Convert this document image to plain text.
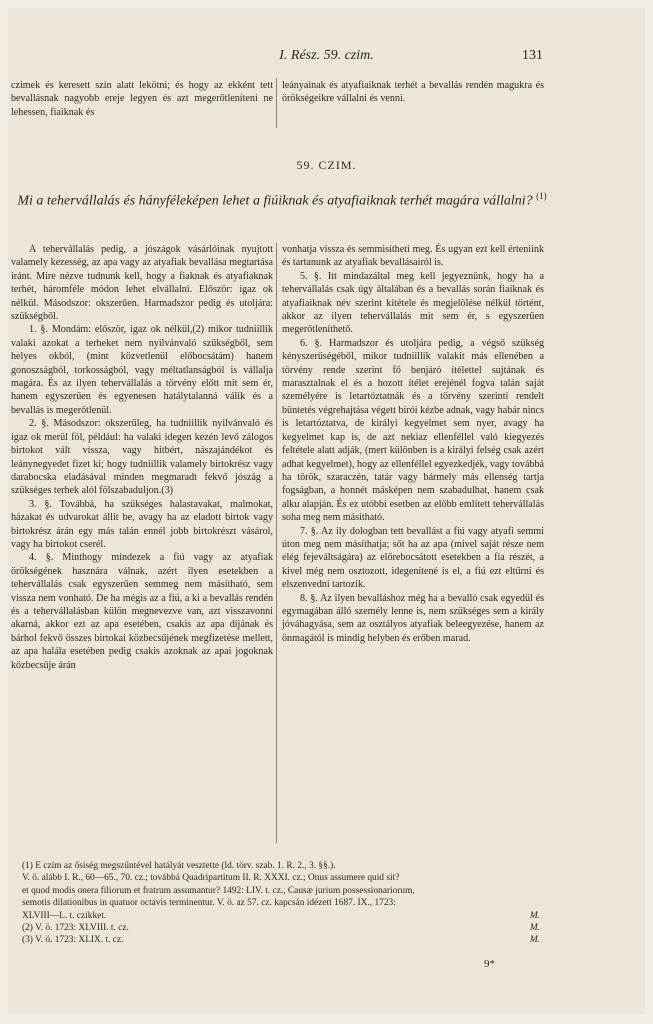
I. Rész. 59. czim.	131

czimek és keresett szin alatt lekötni; és hogy az ekként tett bevallásnak nagyobb ereje legyen és azt megerőtleníteni ne lehessen, fiaiknak és

leányainak és atyafiaiknak terhét a bevallás rendén magukra és örökségeikre vállalni és venni.

59. CZIM.
Mi a tehervállalás és hányféleképen lehet a fiúiknak és atyafiaiknak terhét magára vállalni? $^{(1)}$

A tehervállalás pedig, a jószágok vásárlóinak nyujtott valamely kezesség, az apa vagy az atyafiak bevallása megtartása iránt. Mire nézve tudnunk kell, hogy a fiaknak és atyafiaknak terhét, háromféle módon lehet elvállalni. Először: igaz ok nélkül. Másodszor: okszerűen. Harmadszor pedig és utoljára: szükségből.

1. §. Mondám: először, igaz ok nélkül,(2) mikor tudniillik valaki azokat a terheket nem nyilvánvaló szükségből, sem helyes okból, (mint közvetlenül előbocsátám) hanem gonoszságból, torkosságból, vagy méltatlanságból is vállalja magára. És az ilyen tehervállalás a törvény előtt mit sem ér, hanem egyszerűen és egyenesen hatálytalanná válik és a bevallás is megerőtlenül.

2. §. Másodszor: okszerűleg, ha tudniillik nyilvánvaló és igaz ok merül föl, például: ha valaki idegen kezén levő zálogos birtokot vált vissza, vagy hitbért, nászajándékot és leánynegyedet fizet ki; hogy tudniillik valamely birtokrész vagy darabocska eladásával minden megmaradt fekvő jószág a szükséges terhek alól fölszabaduljon.(3)

3. §. Továbbá, ha szükséges halastavakat, malmokat, házakat és udvarokat állít be, avagy ha az eladott birtok vagy birtokrész árán egy más talán ennél jobb birtokrészt vásárol, vagy ha birtokot cserél.

4. §. Minthogy mindezek a fiú vagy az atyafiak örökségének hasznára válnak, azért ilyen esetekben a tehervállalás csak egyszerűen semmeg nem másítható, sem vissza nem vonható. De ha mégis az a fiú, a ki a bevallás rendén és a tehervállalásban külön megnevezve van, azt visszavonni akarná, akkor ezt az apa esetében, csakis az apa díjának és bárhol fekvő összes birtokai közbecsűjének megfizetése mellett, az apa halála esetében pedig csakis azoknak az apai jogoknak közbecsűje árán

vonhatja vissza és semmisítheti meg. És ugyan ezt kell érteniink és tartanunk az atyafiak bevallásairól is.

5. §. Itt mindazáltal meg kell jegyeznünk, hogy ha a tehervállalás csak úgy általában és a bevallás során fiaiknak és atyafiaiknak név szerint kitétele és megjelölése nélkül történt, akkor az ilyen tehervállalás mit sem ér, s egyszerűen megerőtleníthető.

6. §. Harmadszor és utoljára pedig, a végső szükség kényszerűségéből, mikor tudniillik valakit más ellenében a törvény rende szerint fő benjáró ítélettel sujtának és marasztalnak el és a hozott ítélet erejénél fogva talán saját személyére is letartóztatnák és a törvény szerinti rendelt büntetés végrehajtása végett birói kézbe adnak, vagy habár nincs is letartóztatva, de királyi kegyelmet sem nyer, avagy ha kegyelmet kap is, de azt nekiaz ellenféllel való kiegyezés feltétele alatt adják, (mert különben is a királyi felség csak azért adhat kegyelmet), hogy az ellenféllel egyezkedjék, vagy továbbá ha török, szaraczén, tatár vagy bármely más ellenség tartja fogságban, a honnét másképen nem szabadulhat, hanem csak alku alapján. És ez utóbbi esetben az előbb említett tehervállalás soha meg nem másítható.

7. §. Az ily dologban tett bevallást a fiú vagy atyafi semmi úton meg nem másíthatja; sőt ha az apa (mivel saját része nem elég fejeváltságára) az előrebocsátott esetekben a fia részét, a kivel még nem osztozott, idegenítené is el, a fiú ezt eltűrni és elszenvedni tartozik.

8. §. Az ilyen bevalláshoz még ha a bevalló csak egyedül és egymagában álló személy lenne is, nem szükséges sem a király jóváhagyása, sem az osztályos atyafiak beleegyezése, hanem az önmagától is mindig helyben és erőben marad.

(1) E czím az ősiség megszűntével hatályát vesztette (ld. törv. szab. 1. R. 2., 3. §§.).
V. ö. alább I. R., 60—65., 70. cz.; továbbá Quadripartitum II. R. XXXI. cz.; Onus assumere quid sit?
et quod modis onera filiorum et fratrum assumantur? 1492: LIV. t. cz., Causæ jurium possessionariorum,
semotis dilationibus in quatuor octavis terminentur. V. ö. az 57. cz. kapcsán idézett 1687. IX., 1723:
XLVIII—L. t. czikket.	M.
(2) V. ö. 1723: XLVIII. t. cz.	M.
(3) V. ö. 1723: XLIX. t. cz.	M.
9*
